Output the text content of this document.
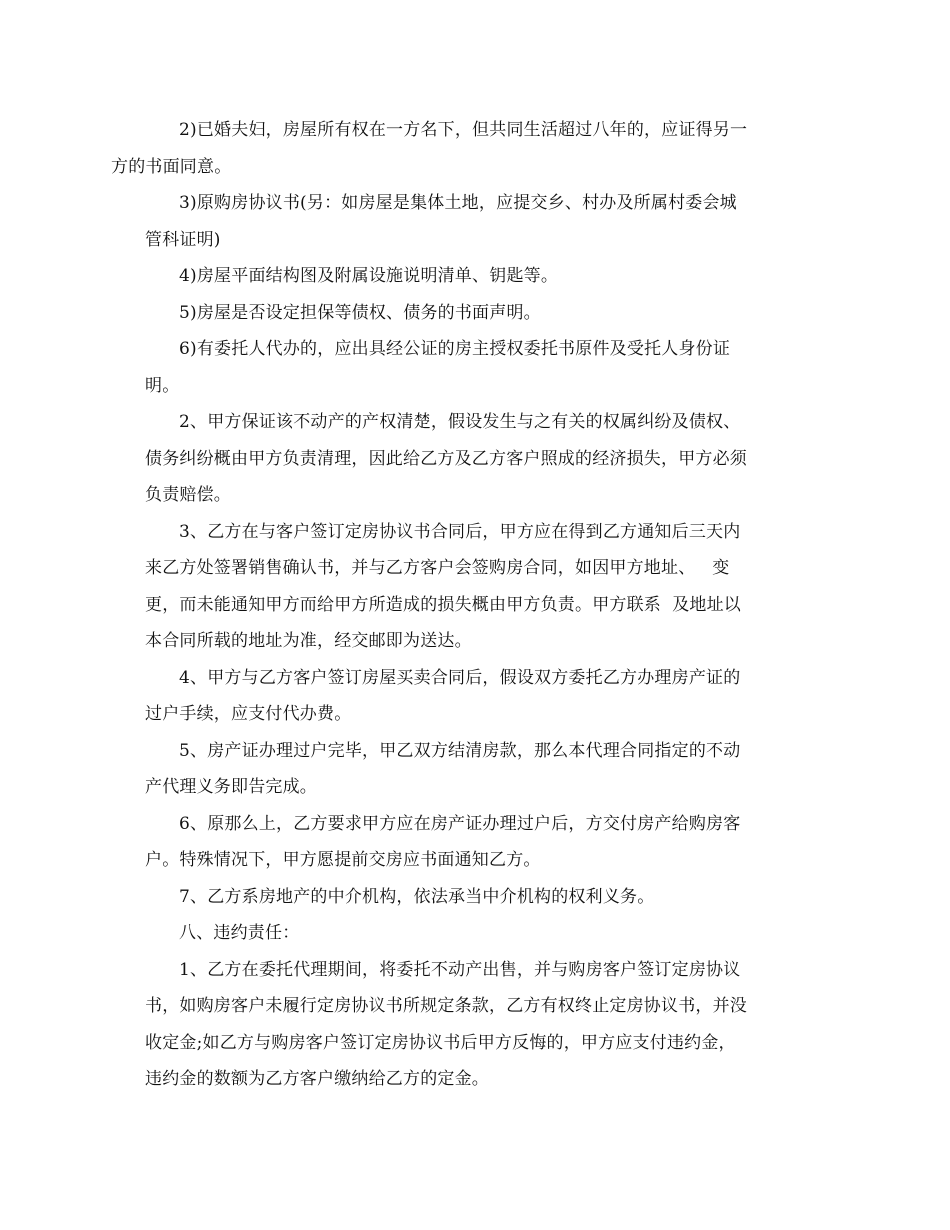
2)已婚夫妇，房屋所有权在一方名下，但共同生活超过八年的，应证得另一
方的书面同意。

3)原购房协议书(另：如房屋是集体土地，应提交乡、村办及所属村委会城
管科证明)

4)房屋平面结构图及附属设施说明清单、钥匙等。

5)房屋是否设定担保等债权、债务的书面声明。

6)有委托人代办的，应出具经公证的房主授权委托书原件及受托人身份证
明。

2、甲方保证该不动产的产权清楚，假设发生与之有关的权属纠纷及债权、
债务纠纷概由甲方负责清理，因此给乙方及乙方客户照成的经济损失，甲方必须
负责赔偿。

3、乙方在与客户签订定房协议书合同后，甲方应在得到乙方通知后三天内
来乙方处签署销售确认书，并与乙方客户会签购房合同，如因甲方地址、   变
更，而未能通知甲方而给甲方所造成的损失概由甲方负责。甲方联系  及地址以
本合同所载的地址为准，经交邮即为送达。

4、甲方与乙方客户签订房屋买卖合同后，假设双方委托乙方办理房产证的
过户手续，应支付代办费。

5、房产证办理过户完毕，甲乙双方结清房款，那么本代理合同指定的不动
产代理义务即告完成。

6、原那么上，乙方要求甲方应在房产证办理过户后，方交付房产给购房客
户。特殊情况下，甲方愿提前交房应书面通知乙方。

7、乙方系房地产的中介机构，依法承当中介机构的权利义务。

八、违约责任：

1、乙方在委托代理期间，将委托不动产出售，并与购房客户签订定房协议
书，如购房客户未履行定房协议书所规定条款，乙方有权终止定房协议书，并没
收定金;如乙方与购房客户签订定房协议书后甲方反悔的，甲方应支付违约金，
违约金的数额为乙方客户缴纳给乙方的定金。
